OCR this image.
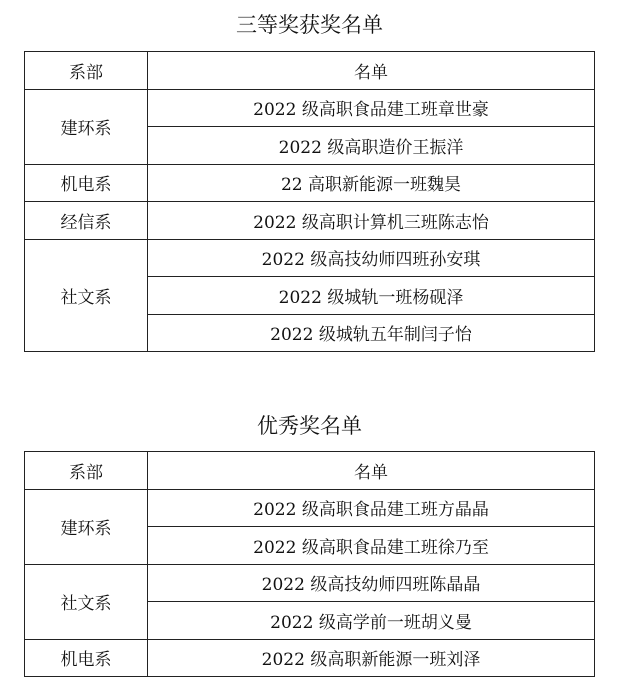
三等奖获奖名单
系部	名单
建环系	2022 级高职食品建工班章世豪
	2022 级高职造价王振洋
机电系	22 高职新能源一班魏昊
经信系	2022 级高职计算机三班陈志怡
社文系	2022 级高技幼师四班孙安琪
	2022 级城轨一班杨砚泽
	2022 级城轨五年制闫子怡
优秀奖名单
系部	名单
建环系	2022 级高职食品建工班方晶晶
	2022 级高职食品建工班徐乃至
社文系	2022 级高技幼师四班陈晶晶
	2022 级高学前一班胡义曼
机电系	2022 级高职新能源一班刘泽
